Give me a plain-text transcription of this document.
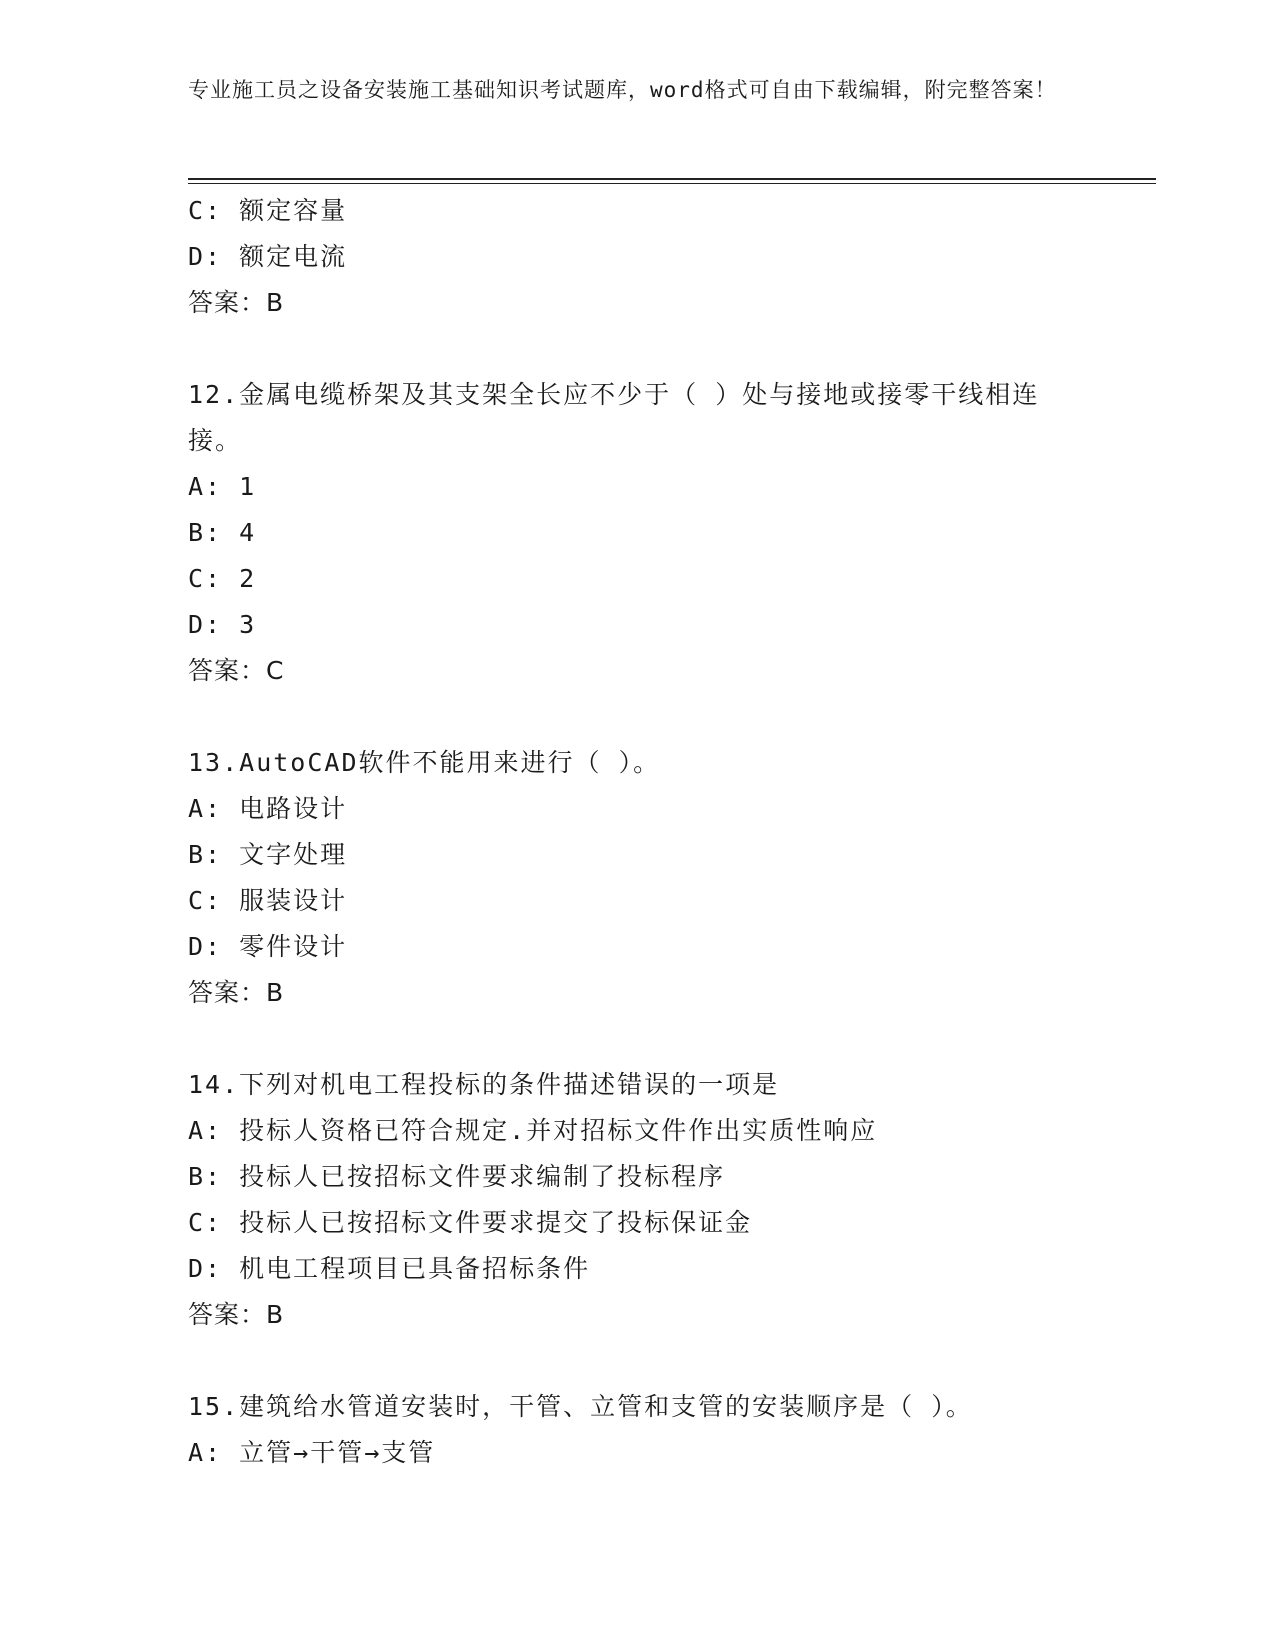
专业施工员之设备安装施工基础知识考试题库，word格式可自由下载编辑，附完整答案！
C: 额定容量
D: 额定电流
答案：B
12.金属电缆桥架及其支架全长应不少于（ ）处与接地或接零干线相连接。
A: 1
B: 4
C: 2
D: 3
答案：C
13.AutoCAD软件不能用来进行（ ）。
A: 电路设计
B: 文字处理
C: 服装设计
D: 零件设计
答案：B
14.下列对机电工程投标的条件描述错误的一项是
A: 投标人资格已符合规定.并对招标文件作出实质性响应
B: 投标人已按招标文件要求编制了投标程序
C: 投标人已按招标文件要求提交了投标保证金
D: 机电工程项目已具备招标条件
答案：B
15.建筑给水管道安装时，干管、立管和支管的安装顺序是（ ）。
A: 立管→干管→支管
